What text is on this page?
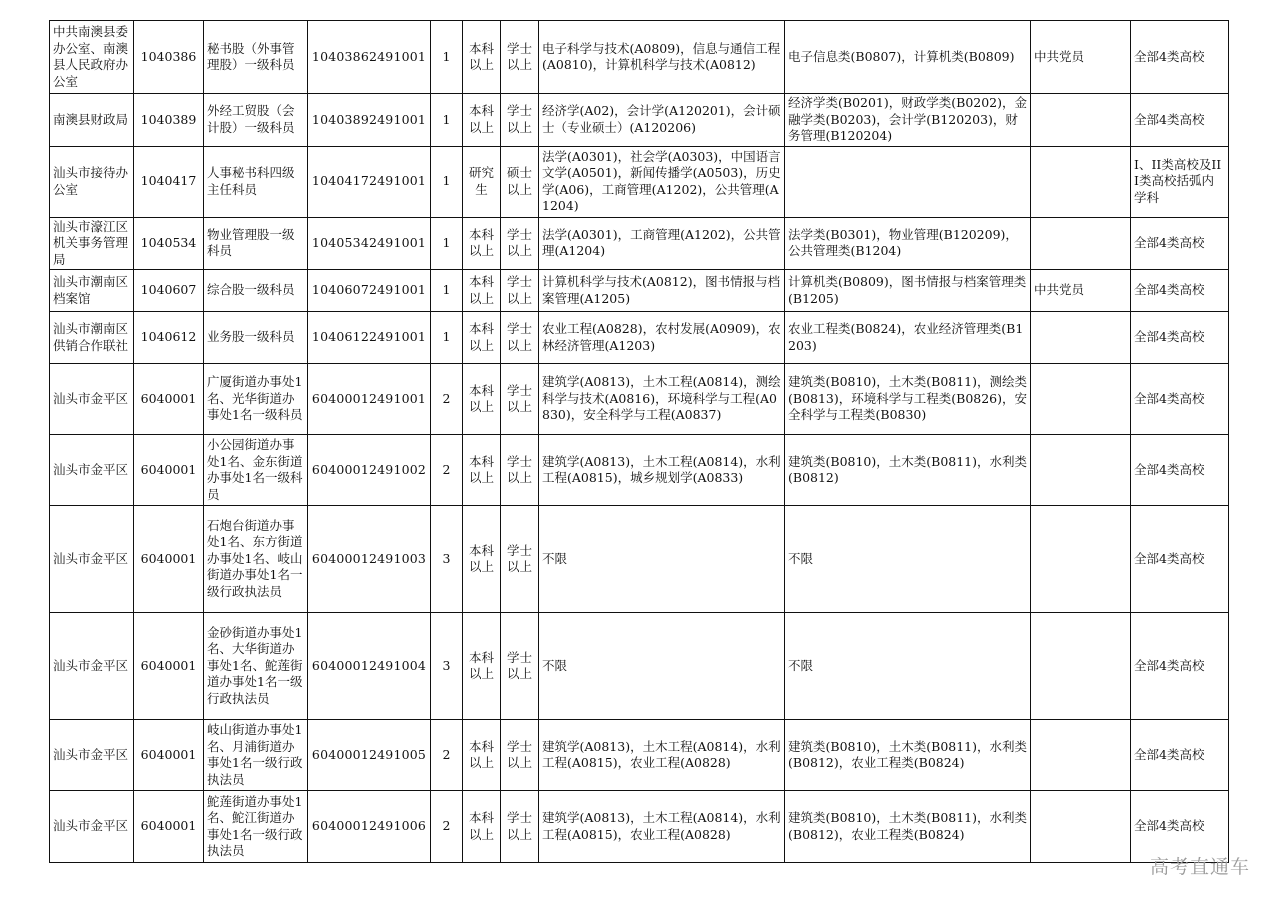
中共南澳县委办公室、南澳县人民政府办公室	1040386	秘书股（外事管理股）一级科员	10403862491001	1	本科以上	学士以上	电子科学与技术(A0809)，信息与通信工程(A0810)，计算机科学与技术(A0812)	电子信息类(B0807)，计算机类(B0809)	中共党员	全部4类高校
南澳县财政局	1040389	外经工贸股（会计股）一级科员	10403892491001	1	本科以上	学士以上	经济学(A02)，会计学(A120201)，会计硕士（专业硕士）(A120206)	经济学类(B0201)，财政学类(B0202)，金融学类(B0203)，会计学(B120203)，财务管理(B120204)		全部4类高校
汕头市接待办公室	1040417	人事秘书科四级主任科员	10404172491001	1	研究生	硕士以上	法学(A0301)，社会学(A0303)，中国语言文学(A0501)，新闻传播学(A0503)，历史学(A06)，工商管理(A1202)，公共管理(A1204)			I、II类高校及III类高校括弧内学科
汕头市濠江区机关事务管理局	1040534	物业管理股一级科员	10405342491001	1	本科以上	学士以上	法学(A0301)，工商管理(A1202)，公共管理(A1204)	法学类(B0301)，物业管理(B120209)，公共管理类(B1204)		全部4类高校
汕头市潮南区档案馆	1040607	综合股一级科员	10406072491001	1	本科以上	学士以上	计算机科学与技术(A0812)，图书情报与档案管理(A1205)	计算机类(B0809)，图书情报与档案管理类(B1205)	中共党员	全部4类高校
汕头市潮南区供销合作联社	1040612	业务股一级科员	10406122491001	1	本科以上	学士以上	农业工程(A0828)，农村发展(A0909)，农林经济管理(A1203)	农业工程类(B0824)，农业经济管理类(B1203)		全部4类高校
汕头市金平区	6040001	广厦街道办事处1名、光华街道办事处1名一级科员	60400012491001	2	本科以上	学士以上	建筑学(A0813)，土木工程(A0814)，测绘科学与技术(A0816)，环境科学与工程(A0830)，安全科学与工程(A0837)	建筑类(B0810)，土木类(B0811)，测绘类(B0813)，环境科学与工程类(B0826)，安全科学与工程类(B0830)		全部4类高校
汕头市金平区	6040001	小公园街道办事处1名、金东街道办事处1名一级科员	60400012491002	2	本科以上	学士以上	建筑学(A0813)，土木工程(A0814)，水利工程(A0815)，城乡规划学(A0833)	建筑类(B0810)，土木类(B0811)，水利类(B0812)		全部4类高校
汕头市金平区	6040001	石炮台街道办事处1名、东方街道办事处1名、岐山街道办事处1名一级行政执法员	60400012491003	3	本科以上	学士以上	不限	不限		全部4类高校
汕头市金平区	6040001	金砂街道办事处1名、大华街道办事处1名、鮀莲街道办事处1名一级行政执法员	60400012491004	3	本科以上	学士以上	不限	不限		全部4类高校
汕头市金平区	6040001	岐山街道办事处1名、月浦街道办事处1名一级行政执法员	60400012491005	2	本科以上	学士以上	建筑学(A0813)，土木工程(A0814)，水利工程(A0815)，农业工程(A0828)	建筑类(B0810)，土木类(B0811)，水利类(B0812)，农业工程类(B0824)		全部4类高校
汕头市金平区	6040001	鮀莲街道办事处1名、鮀江街道办事处1名一级行政执法员	60400012491006	2	本科以上	学士以上	建筑学(A0813)，土木工程(A0814)，水利工程(A0815)，农业工程(A0828)	建筑类(B0810)，土木类(B0811)，水利类(B0812)，农业工程类(B0824)		全部4类高校
高考直通车
